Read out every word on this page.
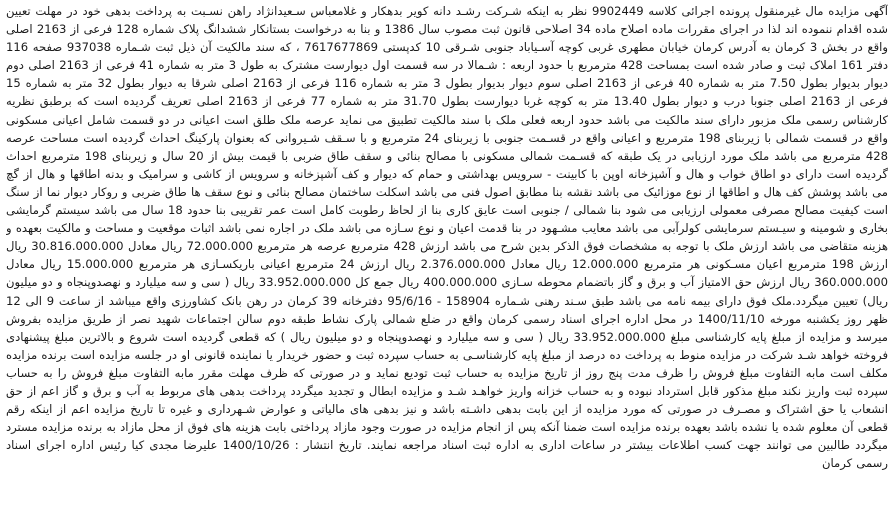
آگهی مزایده مال غیرمنقول پرونده اجرائی کلاسه 9902449 نظر به اینکه شـرکت رشـد دانه کویر بدهکار و غلامعباس سـعیدانژاد راهن نسـبت به پرداخت بدهی خود در مهلت تعیین شده اقدام ننموده اند لذا در اجرای مقررات ماده اصلاح ماده 34 اصلاحی قانون ثبت مصوب سال 1386 و بنا به درخواست بستانکار ششدانگ پلاک شماره 128 فرعی از 2163 اصلی واقع در بخش 3 کرمان به آدرس کرمان خیابان مطهری غربی کوچه آسـیاباد جنوبی شـرقی 10 کدپستی 7617677869 ، که سند مالکیت آن ذیل ثبت شـماره 937038 صفحه 116 دفتر 161 املاک ثبت و صادر شده است بمساحت 428 مترمربع با حدود اربعه : شـمالا در سه قسمت اول دیوارست مشترک به طول 3 متر به شماره 41 فرعی از 2163 اصلی دوم دیوار بدیوار بطول 7.50 متر به شماره 40 فرعی از 2163 اصلی سوم دیوار بدیوار بطول 3 متر به شماره 116 فرعی از 2163 اصلی شرقا به دیوار بطول 32 متر به شماره 15 فرعی از 2163 اصلی جنوبا درب و دیوار بطول 13.40 متر به کوچه غربا دیوارست بطول 31.70 متر به شماره 77 فرعی از 2163 اصلی تعریف گردیده است که برطبق نظریه کارشناس رسمی ملک مزبور دارای سند مالکیت می باشد حدود اربعه فعلی ملک با سند مالکیت تطبیق می نماید عرصه ملک طلق است اعیانی در دو قسمت شامل اعیانی مسکونی واقع در قسمت شمالی با زیربنای 198 مترمربع و اعیانی واقع در قسـمت جنوبی با زیربنای 24 مترمربع و با سـقف شـیروانی که بعنوان پارکینگ احداث گردیده است مساحت عرصه 428 مترمربع می باشد ملک مورد ارزیابی در یک طبقه که قسـمت شمالی مسکونی با مصالح بنائی و سقف طاق ضربی با قیمت بیش از 20 سال و زیربنای 198 مترمربع احداث گردیده است دارای دو اطاق خواب و هال و آشپزخانه اوپن با کابینت - سرویس بهداشتی و حمام که دیوار و کف آشپزخانه و سرویس از کاشی و سرامیک و بدنه اطاقها و هال از گچ می باشد پوشش کف هال و اطاقها از نوع موزائیک می باشد نقشه بنا مطابق اصول فنی می باشد اسکلت ساختمان مصالح بنائی و نوع سقف ها طاق ضربی و روکار دیوار نما از سنگ است کیفیت مصالح مصرفی معمولی ارزیابی می شود بنا شمالی / جنوبی است عایق کاری بنا از لحاظ رطوبت کامل است عمر تقریبی بنا حدود 18 سال می باشد سیستم گرمایشی بخاری و شومینه و سیـستم سرمایشی کولرآبی می باشد معایب مشـهود در بنا قدمت اعیان و نوع سـازه می باشد ملک در اجاره نمی باشد اثبات موقعیت و مساحت و مالکیت بعهده و هزینه متقاضی می باشد ارزش ملک با توجه به مشخصات فوق الذکر بدین شرح می باشد ارزش 428 مترمربع عرصه هر مترمربع 72.000.000 ریال معادل 30.816.000.000 ریال ارزش 198 مترمربع اعیان مسـکونی هر مترمربع 12.000.000 ریال معادل 2.376.000.000 ریال ارزش 24 مترمربع اعیانی باریکسـازی هر مترمربع 15.000.000 ریال معادل 360.000.000 ریال ارزش حق الامتیاز آب و برق و گاز باتضمام محوطه سـازی 400.000.000 ریال جمع کل 33.952.000.000 ریال ( سی و سه میلیارد و نهصدوپنجاه و دو میلیون ریال) تعیین میگردد.ملک فوق دارای بیمه نامه می باشد طبق سـند رهنی شـماره 158904 - 95/6/16 دفترخانه 39 کرمان در رهن بانک کشاورزی واقع میباشد از ساعت 9 الی 12 ظهر روز یکشنبه مورخه 1400/11/10 در محل اداره اجرای اسناد رسمی کرمان واقع در ضلع شمالی پارک نشاط طبقه دوم سالن اجتماعات شهید نصر از طریق مزایده بفروش میرسد و مزایده از مبلغ پایه کارشناسی مبلغ 33.952.000.000 ریال ( سی و سه میلیارد و نهصدوپنجاه و دو میلیون ریال ) که قطعی گردیده است شروع و بالاترین مبلغ پیشنهادی فروخته خواهد شـد شرکت در مزایده منوط به پرداخت ده درصد از مبلغ پایه کارشناسـی به حساب سپرده ثبت و حضور خریدار یا نماینده قانونی او در جلسه مزایده است برنده مزایده مکلف است مابه التفاوت مبلغ فروش را ظرف مدت پنج روز از تاریخ مزایده به حساب ثبت تودیع نماید و در صورتی که ظرف مهلت مقرر مابه التفاوت مبلغ فروش را به حساب سپرده ثبت واریز نکند مبلغ مذکور قابل استرداد نبوده و به حساب خزانه واریز خواهـد شـد و مزایده ابطال و تجدید میگردد پرداخت بدهی های مربوط به آب و برق و گاز اعم از حق انشعاب یا حق اشتراک و مصـرف در صورتی که مورد مزایده از این بابت بدهی داشـته باشد و نیز بدهی های مالیاتی و عوارض شـهرداری و غیره تا تاریخ مزایده اعم از اینکه رقم قطعی آن معلوم شده یا نشده باشد بعهده برنده مزایده است ضمنا آنکه پس از انجام مزایده در صورت وجود مازاد پرداختی بابت هزینه های فوق از محل مازاد به برنده مزایده مسترد میگردد طالبین می توانند جهت کسب اطلاعات بیشتر در ساعات اداری به اداره ثبت اسناد مراجعه نمایند. تاریخ انتشار : 1400/10/26 علیرضا مجدی کیا رئیس اداره اجرای اسناد رسمی کرمان
